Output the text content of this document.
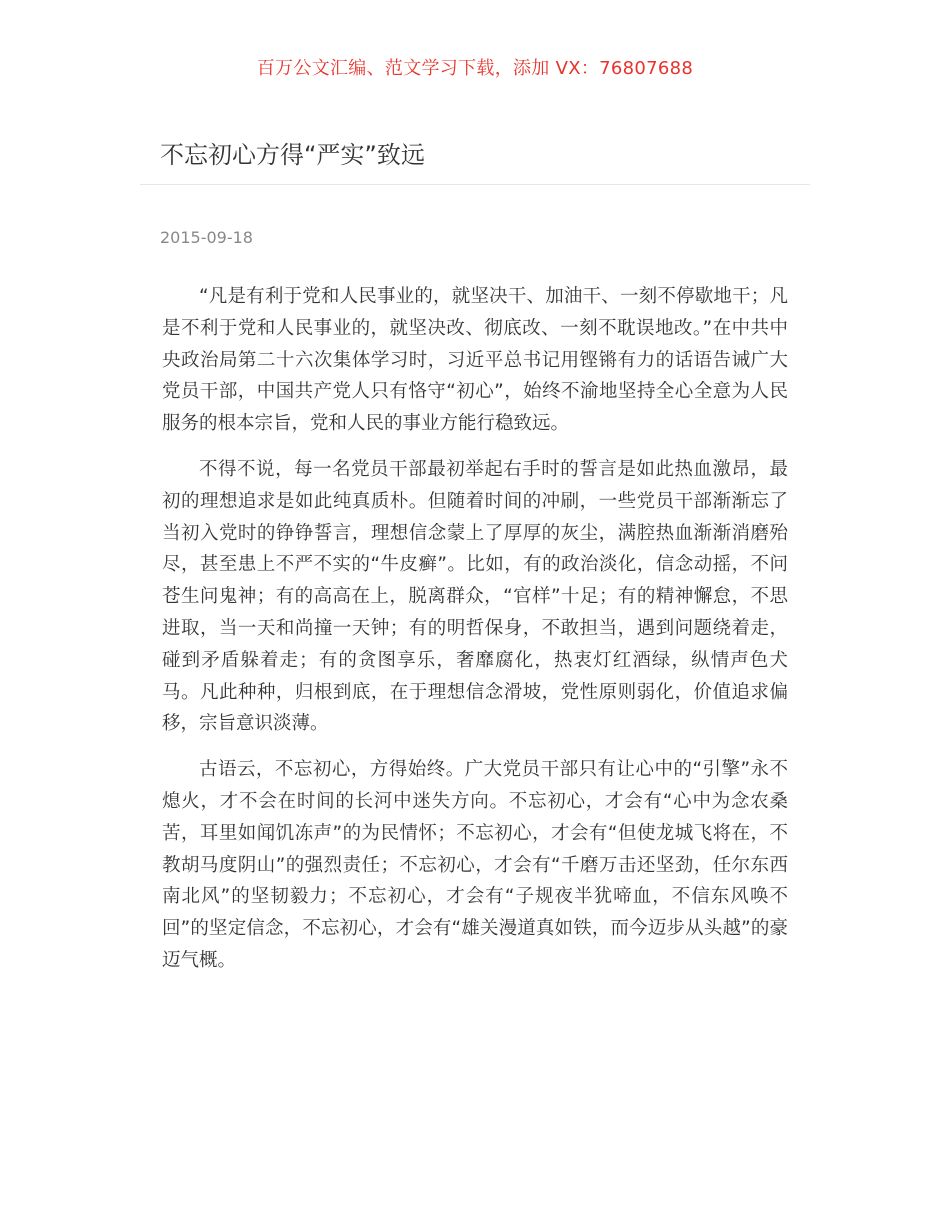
百万公文汇编、范文学习下载，添加 VX：76807688
不忘初心方得“严实”致远
2015-09-18

“凡是有利于党和人民事业的，就坚决干、加油干、一刻不停歇地干；凡是不利于党和人民事业的，就坚决改、彻底改、一刻不耽误地改。”在中共中央政治局第二十六次集体学习时，习近平总书记用铿锵有力的话语告诫广大党员干部，中国共产党人只有恪守“初心”，始终不渝地坚持全心全意为人民服务的根本宗旨，党和人民的事业方能行稳致远。

不得不说，每一名党员干部最初举起右手时的誓言是如此热血激昂，最初的理想追求是如此纯真质朴。但随着时间的冲刷，一些党员干部渐渐忘了当初入党时的铮铮誓言，理想信念蒙上了厚厚的灰尘，满腔热血渐渐消磨殆尽，甚至患上不严不实的“牛皮癣”。比如，有的政治淡化，信念动摇，不问苍生问鬼神；有的高高在上，脱离群众，“官样”十足；有的精神懈怠，不思进取，当一天和尚撞一天钟；有的明哲保身，不敢担当，遇到问题绕着走，碰到矛盾躲着走；有的贪图享乐，奢靡腐化，热衷灯红酒绿，纵情声色犬马。凡此种种，归根到底，在于理想信念滑坡，党性原则弱化，价值追求偏移，宗旨意识淡薄。

古语云，不忘初心，方得始终。广大党员干部只有让心中的“引擎”永不熄火，才不会在时间的长河中迷失方向。不忘初心，才会有“心中为念农桑苦，耳里如闻饥冻声”的为民情怀；不忘初心，才会有“但使龙城飞将在，不教胡马度阴山”的强烈责任；不忘初心，才会有“千磨万击还坚劲，任尔东西南北风”的坚韧毅力；不忘初心，才会有“子规夜半犹啼血，不信东风唤不回”的坚定信念，不忘初心，才会有“雄关漫道真如铁，而今迈步从头越”的豪迈气概。
